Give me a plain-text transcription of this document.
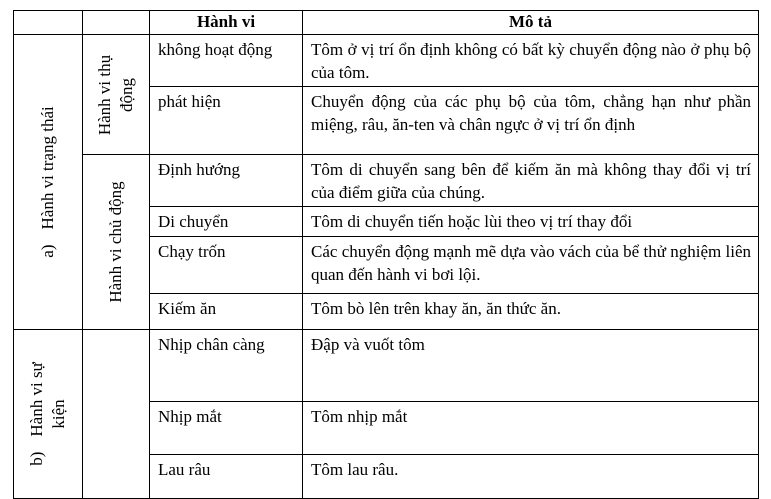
		Hành vi	Mô tả

a)Hành vi trạng thái	Hành vi thụ động	không hoạt động	Tôm ở vị trí ổn định không có bất kỳ chuyển động nào ở phụ bộ của tôm.
		phát hiện	Chuyển động của các phụ bộ của tôm, chẳng hạn như phần miệng, râu, ăn-ten và chân ngực ở vị trí ổn định

	Hành vi chủ động	Định hướng	Tôm di chuyển sang bên để kiếm ăn mà không thay đổi vị trí của điểm giữa của chúng.
		Di chuyển	Tôm di chuyển tiến hoặc lùi theo vị trí thay đổi
		Chạy trốn	Các chuyển động mạnh mẽ dựa vào vách của bể thử nghiệm liên quan đến hành vi bơi lội.
		Kiếm ăn	Tôm bò lên trên khay ăn, ăn thức ăn.

b)Hành vi sự kiện		Nhịp chân càng	Đập và vuốt tôm
		Nhịp mắt	Tôm nhịp mắt
		Lau râu	Tôm lau râu.
